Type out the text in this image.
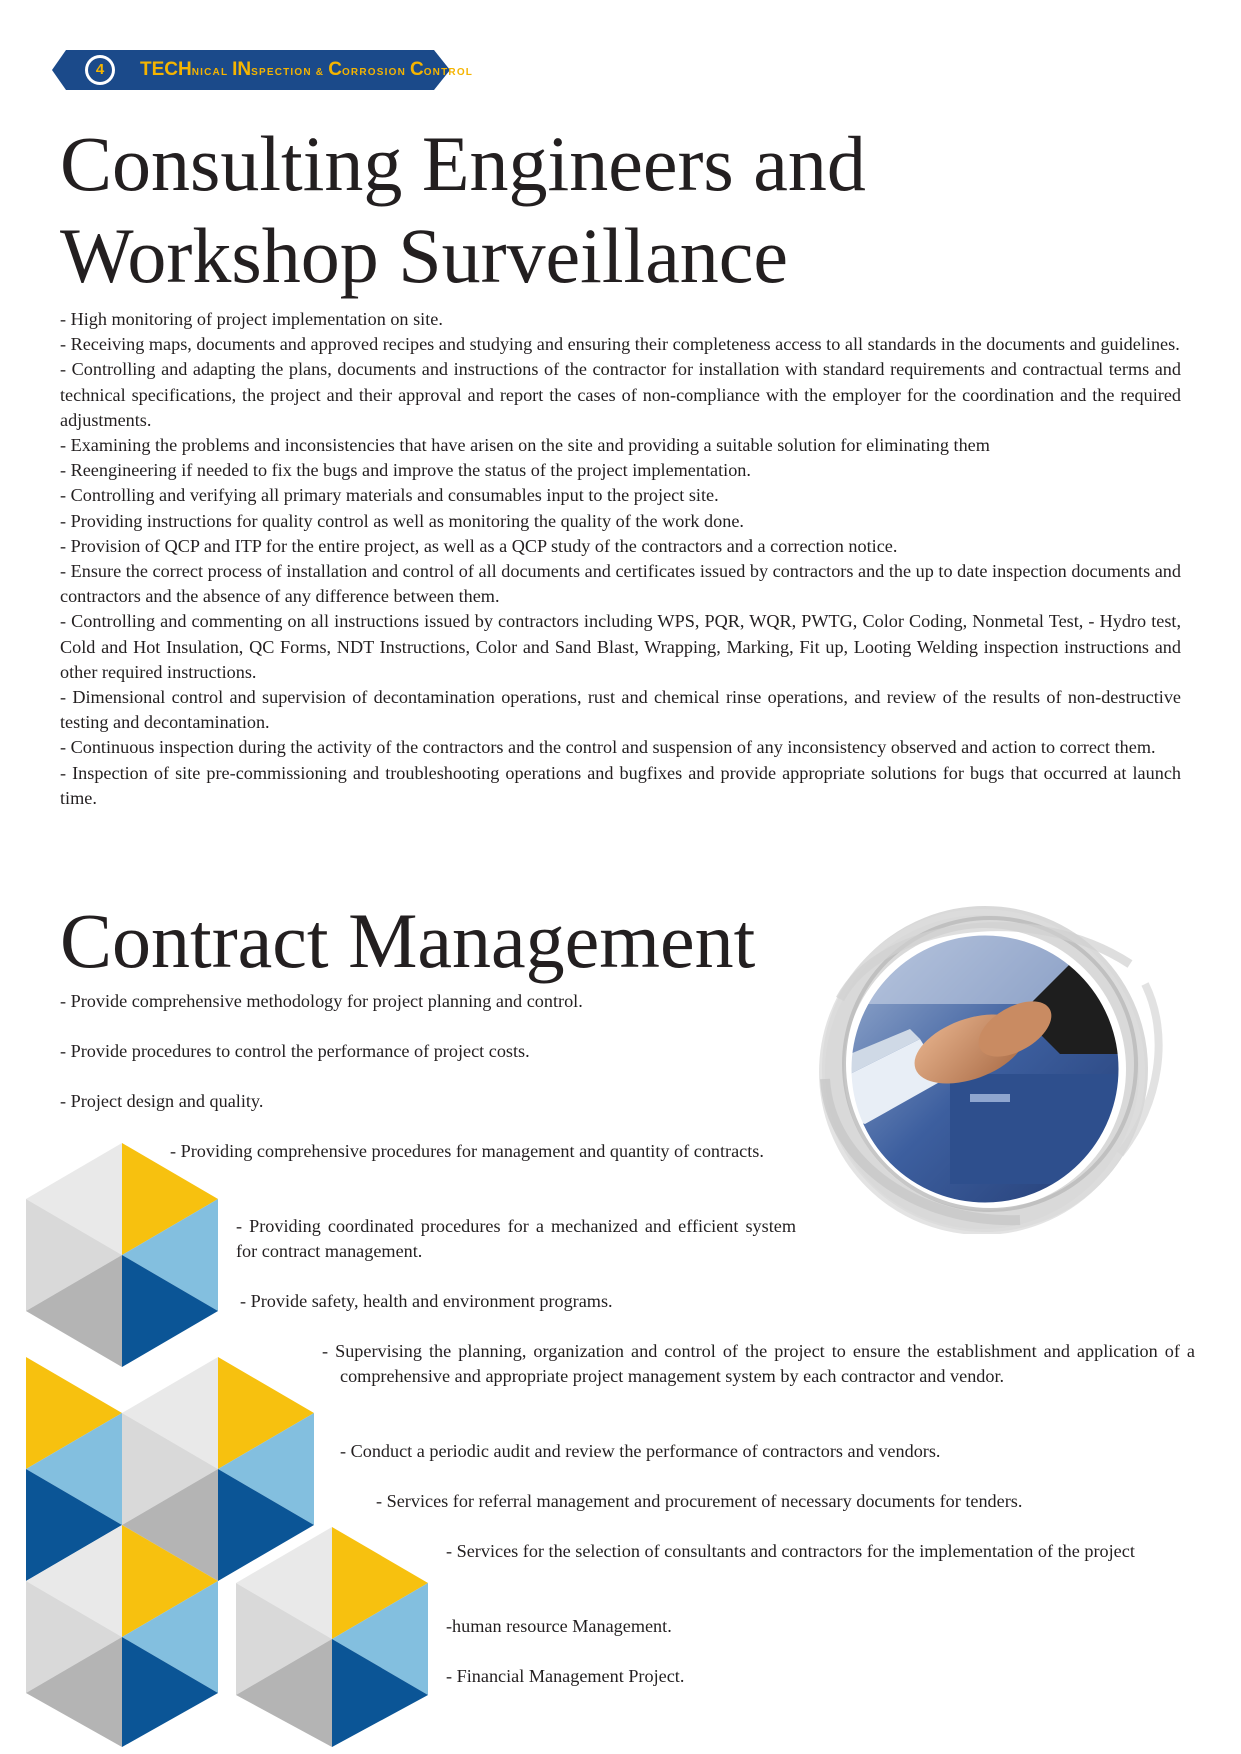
4	TECHNICAL INSPECTION & CORROSION CONTROL
Consulting Engineers and Workshop Surveillance

- High monitoring of project implementation on site.

- Receiving maps, documents and approved recipes and studying and ensuring their completeness access to all standards in the documents and guidelines.

- Controlling and adapting the plans, documents and instructions of the contractor for installation with standard requirements and contractual terms and technical specifications, the project and their approval and report the cases of non-compliance with the employer for the coordination and the required adjustments.

- Examining the problems and inconsistencies that have arisen on the site and providing a suitable solution for eliminating them

- Reengineering if needed to fix the bugs and improve the status of the project implementation.

- Controlling and verifying all primary materials and consumables input to the project site.

- Providing instructions for quality control as well as monitoring the quality of the work done.

- Provision of QCP and ITP for the entire project, as well as a QCP study of the contractors and a correction notice.

- Ensure the correct process of installation and control of all documents and certificates issued by contractors and the up to date inspection documents and contractors and the absence of any difference between them.

- Controlling and commenting on all instructions issued by contractors including WPS, PQR, WQR, PWTG, Color Coding, Nonmetal Test, - Hydro test, Cold and Hot Insulation, QC Forms, NDT Instructions, Color and Sand Blast, Wrapping, Marking, Fit up, Looting Welding inspection instructions and other required instructions.

- Dimensional control and supervision of decontamination operations, rust and chemical rinse operations, and review of the results of non-destructive testing and decontamination.

- Continuous inspection during the activity of the contractors and the control and suspension of any inconsistency observed and action to correct them.

- Inspection of site pre-commissioning and troubleshooting operations and bugfixes and provide appropriate solutions for bugs that occurred at launch time.

Contract Management

- Provide comprehensive methodology for project planning and control.

- Provide procedures to control the performance of project costs.

- Project design and quality.

- Providing comprehensive procedures for management and quantity of contracts.

- Providing coordinated procedures for a mechanized and efficient system for contract management.

- Provide safety, health and environment programs.

- Supervising the planning, organization and control of the project to ensure the establishment and application of a comprehensive and appropriate project management system by each contractor and vendor.

- Conduct a periodic audit and review the performance of contractors and vendors.

- Services for referral management and procurement of necessary documents for tenders.

- Services for the selection of consultants and contractors for the implementation of the project

-human resource Management.

- Financial Management Project.
